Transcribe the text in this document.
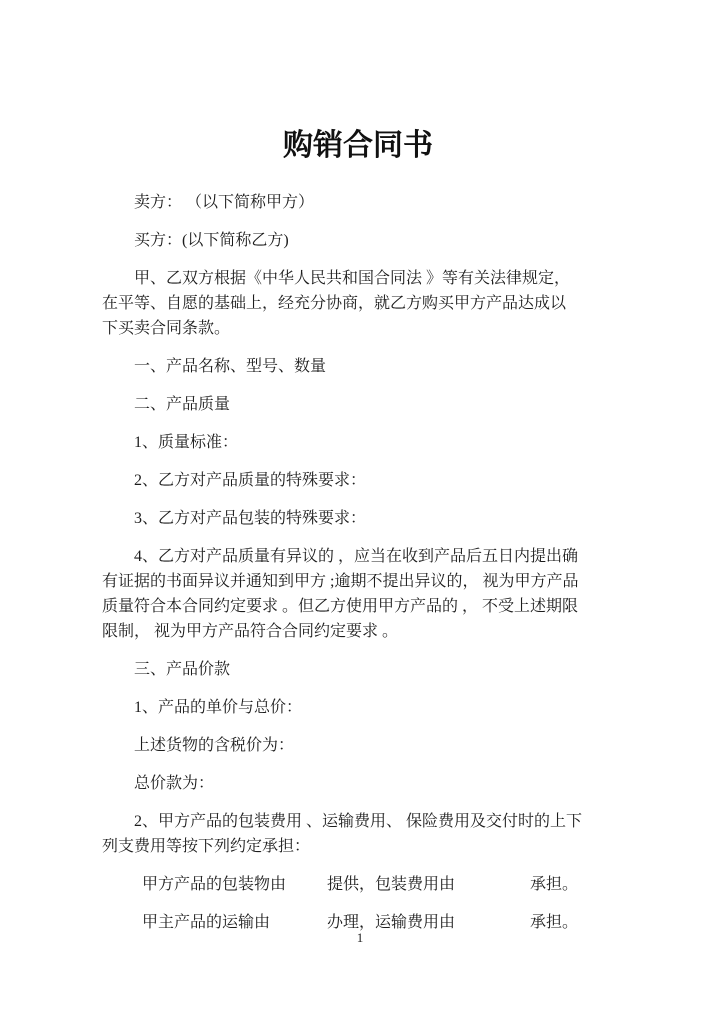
购销合同书
卖方： （以下简称甲方）
买方：(以下简称乙方)
甲、乙双方根据《中华人民共和国合同法 》等有关法律规定，
在平等、自愿的基础上，经充分协商，就乙方购买甲方产品达成以
下买卖合同条款。
一、产品名称、型号、数量
二、产品质量
1、质量标准：
2、乙方对产品质量的特殊要求：
3、乙方对产品包装的特殊要求：
4、乙方对产品质量有异议的 ，应当在收到产品后五日内提出确
有证据的书面异议并通知到甲方 ;逾期不提出异议的， 视为甲方产品
质量符合本合同约定要求 。但乙方使用甲方产品的 ， 不受上述期限
限制， 视为甲方产品符合合同约定要求 。
三、产品价款
1、产品的单价与总价：
上述货物的含税价为：
总价款为：
2、甲方产品的包装费用 、运输费用、 保险费用及交付时的上下
列支费用等按下列约定承担：
甲方产品的包装物由	提供，包装费用由	承担。
甲主产品的运输由	办理，运输费用由	承担。
1
